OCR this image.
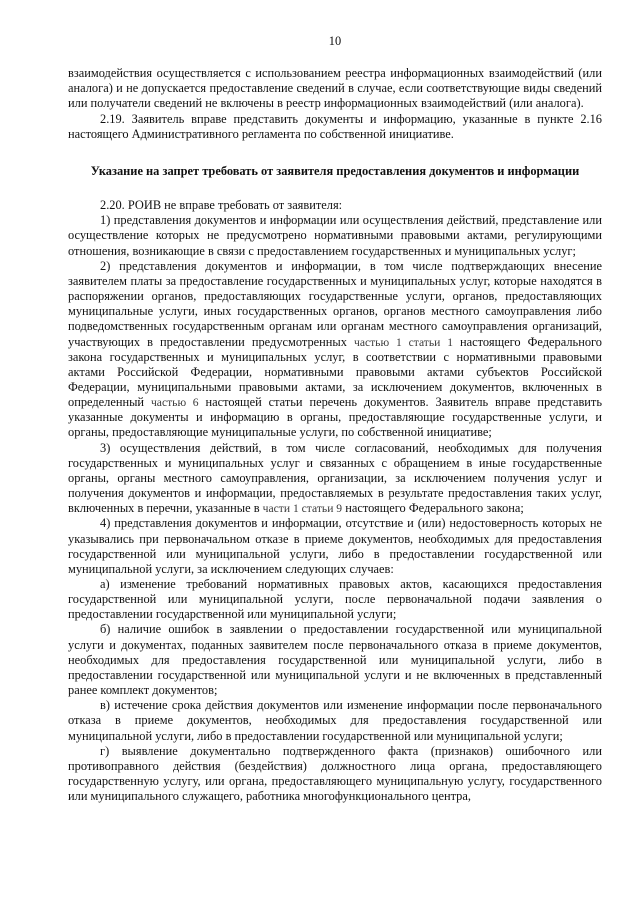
10

взаимодействия осуществляется с использованием реестра информационных взаимодействий (или аналога) и не допускается предоставление сведений в случае, если соответствующие виды сведений или получатели сведений не включены в реестр информационных взаимодействий (или аналога).

2.19. Заявитель вправе представить документы и информацию, указанные в пункте 2.16 настоящего Административного регламента по собственной инициативе.

Указание на запрет требовать от заявителя предоставления документов и информации

2.20. РОИВ не вправе требовать от заявителя:

1) представления документов и информации или осуществления действий, представление или осуществление которых не предусмотрено нормативными правовыми актами, регулирующими отношения, возникающие в связи с предоставлением государственных и муниципальных услуг;

2) представления документов и информации, в том числе подтверждающих внесение заявителем платы за предоставление государственных и муниципальных услуг, которые находятся в распоряжении органов, предоставляющих государственные услуги, органов, предоставляющих муниципальные услуги, иных государственных органов, органов местного самоуправления либо подведомственных государственным органам или органам местного самоуправления организаций, участвующих в предоставлении предусмотренных частью 1 статьи 1 настоящего Федерального закона государственных и муниципальных услуг, в соответствии с нормативными правовыми актами Российской Федерации, нормативными правовыми актами субъектов Российской Федерации, муниципальными правовыми актами, за исключением документов, включенных в определенный частью 6 настоящей статьи перечень документов. Заявитель вправе представить указанные документы и информацию в органы, предоставляющие государственные услуги, и органы, предоставляющие муниципальные услуги, по собственной инициативе;

3) осуществления действий, в том числе согласований, необходимых для получения государственных и муниципальных услуг и связанных с обращением в иные государственные органы, органы местного самоуправления, организации, за исключением получения услуг и получения документов и информации, предоставляемых в результате предоставления таких услуг, включенных в перечни, указанные в части 1 статьи 9 настоящего Федерального закона;

4) представления документов и информации, отсутствие и (или) недостоверность которых не указывались при первоначальном отказе в приеме документов, необходимых для предоставления государственной или муниципальной услуги, либо в предоставлении государственной или муниципальной услуги, за исключением следующих случаев:

а) изменение требований нормативных правовых актов, касающихся предоставления государственной или муниципальной услуги, после первоначальной подачи заявления о предоставлении государственной или муниципальной услуги;

б) наличие ошибок в заявлении о предоставлении государственной или муниципальной услуги и документах, поданных заявителем после первоначального отказа в приеме документов, необходимых для предоставления государственной или муниципальной услуги, либо в предоставлении государственной или муниципальной услуги и не включенных в представленный ранее комплект документов;

в) истечение срока действия документов или изменение информации после первоначального отказа в приеме документов, необходимых для предоставления государственной или муниципальной услуги, либо в предоставлении государственной или муниципальной услуги;

г) выявление документально подтвержденного факта (признаков) ошибочного или противоправного действия (бездействия) должностного лица органа, предоставляющего государственную услугу, или органа, предоставляющего муниципальную услугу, государственного или муниципального служащего, работника многофункционального центра,
